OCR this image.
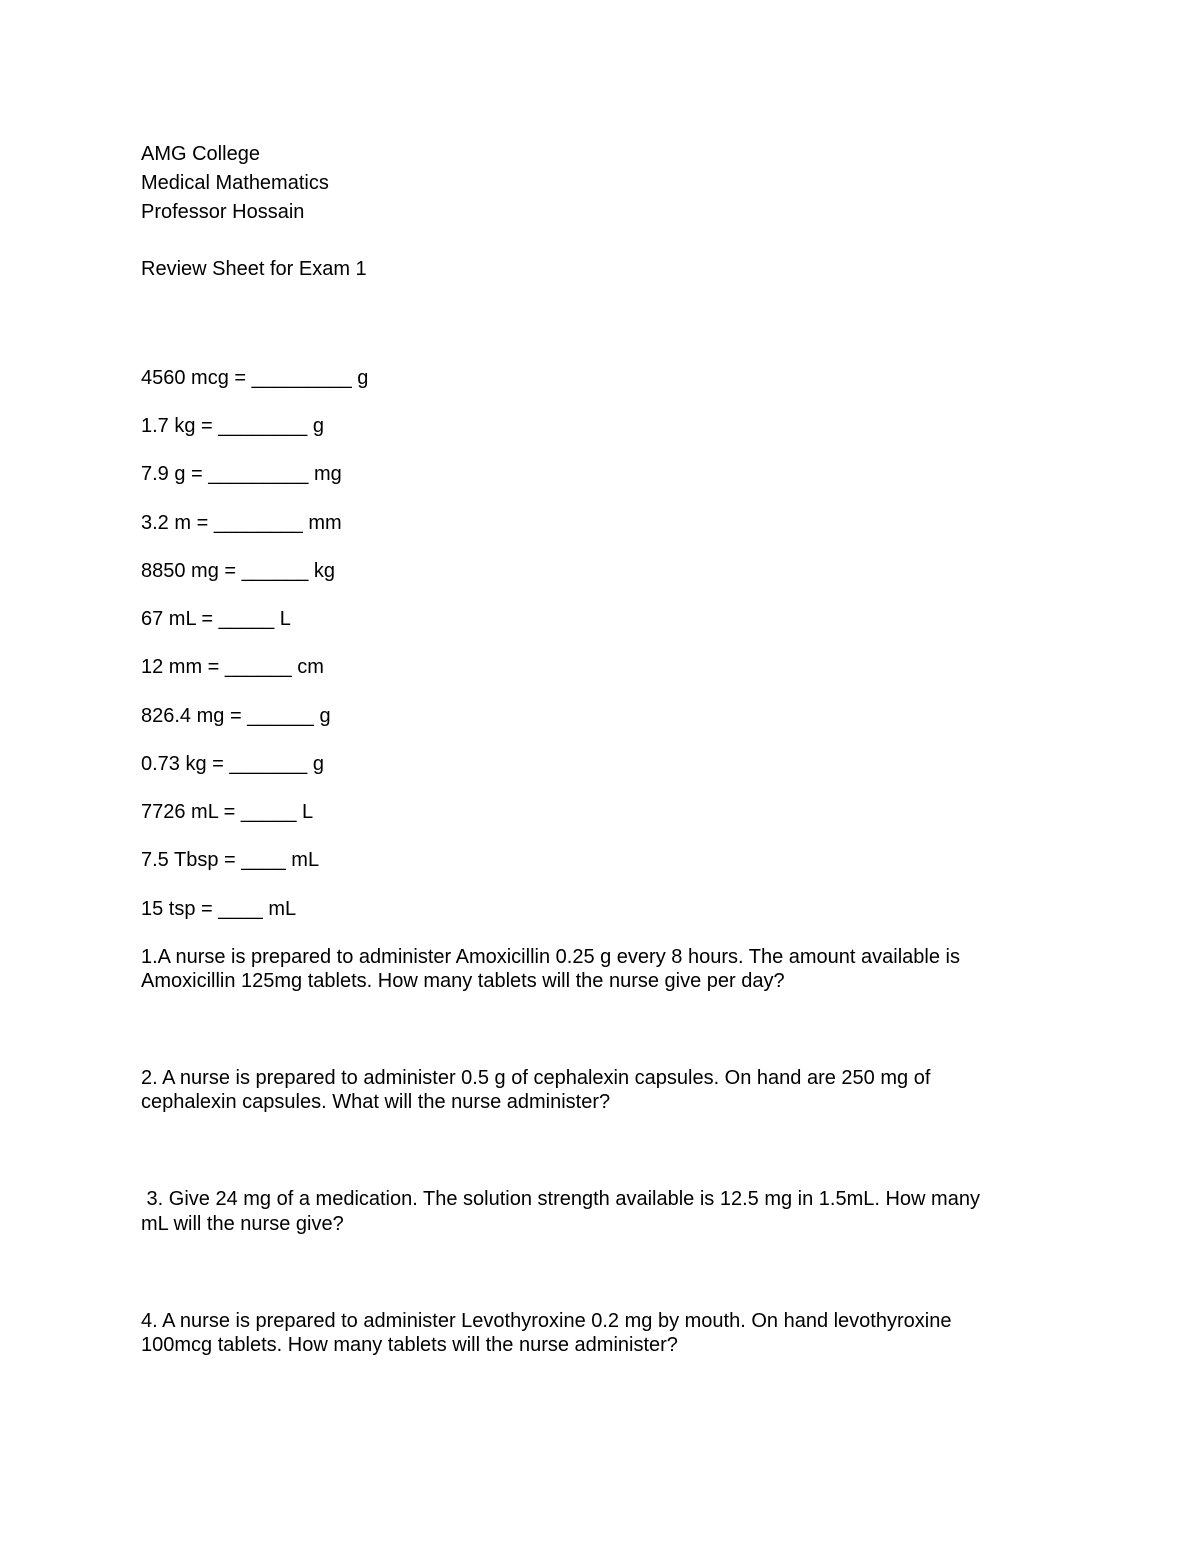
AMG College
Medical Mathematics
Professor Hossain
Review Sheet for Exam 1
4560 mcg = _________ g
1.7 kg = ________ g
7.9 g = _________ mg
3.2 m = ________ mm
8850 mg = ______ kg
67 mL = _____ L
12 mm = ______ cm
826.4 mg = ______ g
0.73 kg = _______ g
7726 mL = _____ L
7.5 Tbsp = ____ mL
15 tsp = ____ mL
1.A nurse is prepared to administer Amoxicillin 0.25 g every 8 hours. The amount available is
Amoxicillin 125mg tablets. How many tablets will the nurse give per day?
2. A nurse is prepared to administer 0.5 g of cephalexin capsules. On hand are 250 mg of
cephalexin capsules. What will the nurse administer?
3. Give 24 mg of a medication. The solution strength available is 12.5 mg in 1.5mL. How many
mL will the nurse give?
4. A nurse is prepared to administer Levothyroxine 0.2 mg by mouth. On hand levothyroxine
100mcg tablets. How many tablets will the nurse administer?
